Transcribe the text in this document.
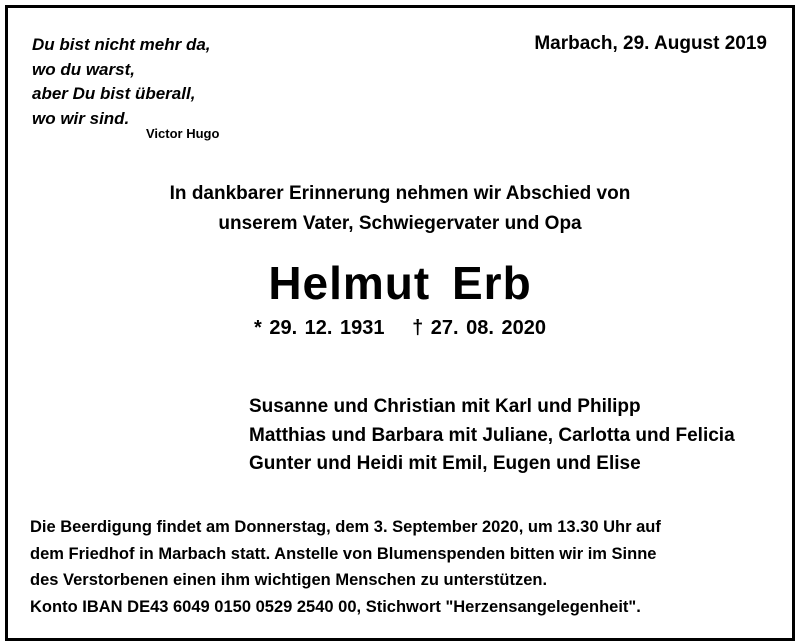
Du bist nicht mehr da,
wo du warst,
aber Du bist überall,
wo wir sind.
Victor Hugo
Marbach, 29. August 2019
In dankbarer Erinnerung nehmen wir Abschied von
unserem Vater, Schwiegervater und Opa
Helmut Erb
* 29. 12. 1931 † 27. 08. 2020
Susanne und Christian mit Karl und Philipp
Matthias und Barbara mit Juliane, Carlotta und Felicia
Gunter und Heidi mit Emil, Eugen und Elise
Die Beerdigung findet am Donnerstag, dem 3. September 2020, um 13.30 Uhr auf
dem Friedhof in Marbach statt. Anstelle von Blumenspenden bitten wir im Sinne
des Verstorbenen einen ihm wichtigen Menschen zu unterstützen.
Konto IBAN DE43 6049 0150 0529 2540 00, Stichwort "Herzensangelegenheit".
